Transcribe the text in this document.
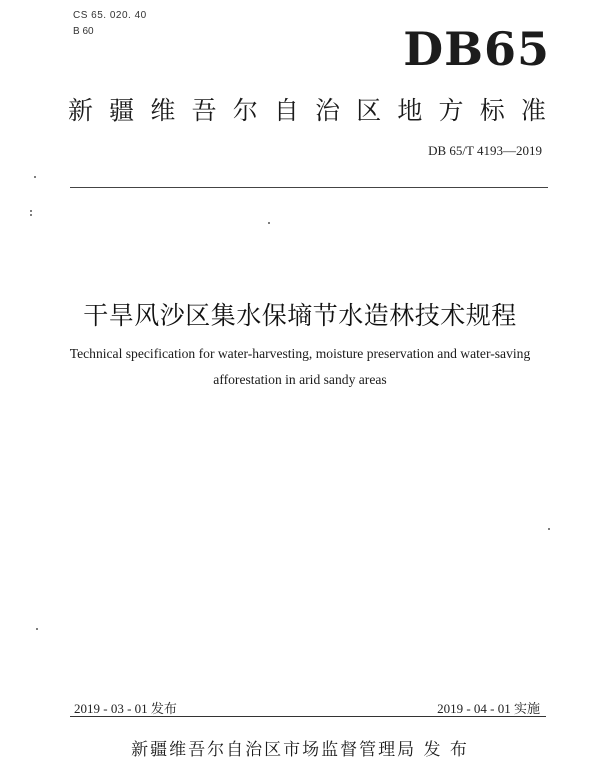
CS 65. 020. 40
B 60	DB65
新 疆 维 吾 尔 自 治 区 地 方 标 准
DB 65/T 4193—2019
干旱风沙区集水保墒节水造林技术规程
Technical specification for water-harvesting, moisture preservation and water-saving
afforestation in arid sandy areas
2019 - 03 - 01 发布	2019 - 04 - 01 实施
新疆维吾尔自治区市场监督管理局 发 布
